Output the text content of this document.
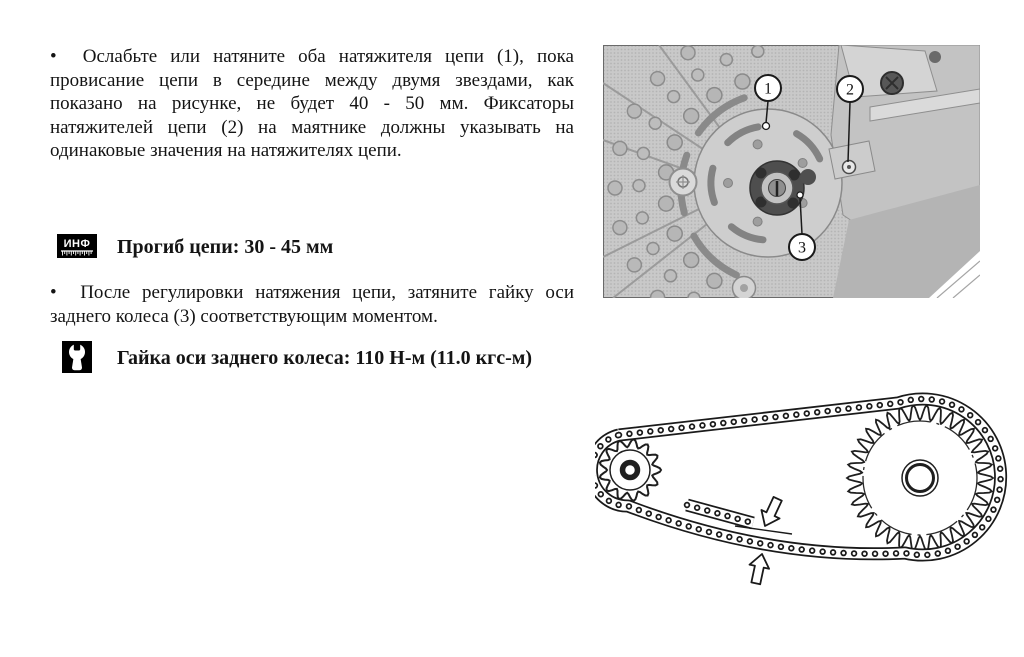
• Ослабьте или натяните оба натяжителя цепи (1), пока провисание цепи в середине между двумя звездами, как показано на рисунке, не будет 40 - 50 мм. Фиксаторы натяжителей цепи (2) на маятнике должны указывать на одинаковые значения на натяжителях цепи.

ИНФ Прогиб цепи: 30 - 45 мм

• После регулировки натяжения цепи, затяните гайку оси заднего колеса (3) соответствующим моментом.

Гайка оси заднего колеса: 110 Н-м (11.0 кгс-м)
1	2
3
